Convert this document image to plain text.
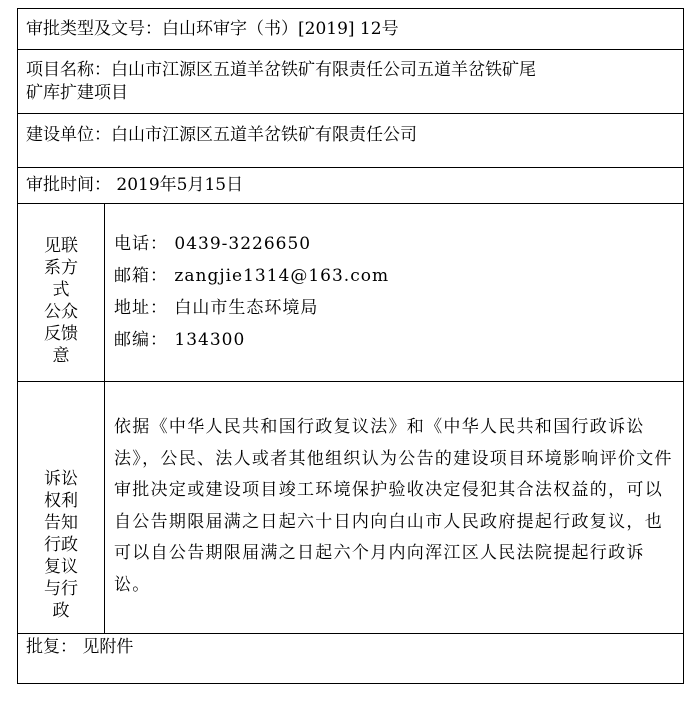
审批类型及文号：白山环审字（书）[2019] 12号
项目名称：白山市江源区五道羊岔铁矿有限责任公司五道羊岔铁矿尾
矿库扩建项目
建设单位：白山市江源区五道羊岔铁矿有限责任公司
审批时间： 2019年5月15日
见联
系方
式
公众
反馈
意
电话： 0439-3226650
邮箱： zangjie1314@163.com
地址： 白山市生态环境局
邮编： 134300
诉讼
权利
告知
行政
复议
与行
政
依据《中华人民共和国行政复议法》和《中华人民共和国行政诉讼法》，公民、法人或者其他组织认为公告的建设项目环境影响评价文件审批决定或建设项目竣工环境保护验收决定侵犯其合法权益的，可以自公告期限届满之日起六十日内向白山市人民政府提起行政复议，也可以自公告期限届满之日起六个月内向浑江区人民法院提起行政诉讼。
批复： 见附件
